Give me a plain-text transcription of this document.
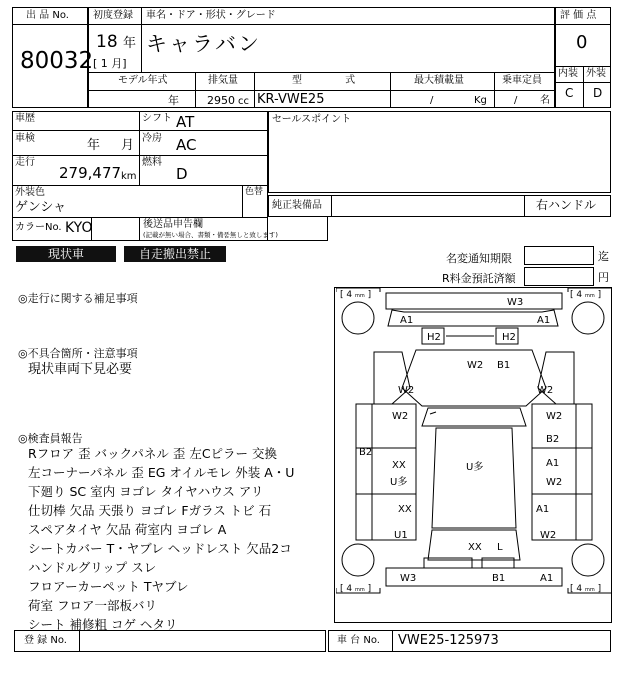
出 品 No.
80032
初度登録 車名・ドア・形状・グレード
18 年
[ 1 月]
キャラバン
モデル年式	排気量	型 式	最大積載量	乗車定員
年	2950 cc KR-VWE25	/	Kg	/ 名
評 価 点
0
内装 外装
C D
車歴
車検	年 月
走行
279,477 km
シフト AT
冷房 AC
燃料
D
外装色
ゲンシャ
色替
カラーNo. KYO	後送品申告欄
(記載が無い場合、書類・備품無しと致します)
セールスポイント
純正装備品	右ハンドル
現状車	自走搬出禁止	名変通知期限	迄
R料金預託済額	円
◎走行に関する補足事項
◎不具合箇所・注意事項
現状車両下見必要
◎検査員報告
Rフロア 歪 バックパネル 歪 左Cピラー 交換
左コーナーパネル 歪 EG オイルモレ 外装 A・U
下廻り SC 室内 ヨゴレ タイヤハウス アリ
仕切棒 欠品 天張り ヨゴレ Fガラス トビ 石
スペアタイヤ 欠品 荷室内 ヨゴレ A
シートカバー T・ヤブレ ヘッドレスト 欠品2コ
ハンドルグリップ スレ
フロアーカーペット Tヤブレ
荷室 フロア一部板バリ
シート 補修粗 コゲ ヘタリ
[ 4 mm ]	[ 4 mm ]
[ 4 mm ]	[ 4 mm ]
W3
A1	A1
H2	H2
W2 B1
W2	W2
W2	W2
B2
B2
XX
U多
U多	A1
W2
XX
U1
A1
W2
XX L
W3	B1	A1
登 録 No.	車 台 No. VWE25-125973
